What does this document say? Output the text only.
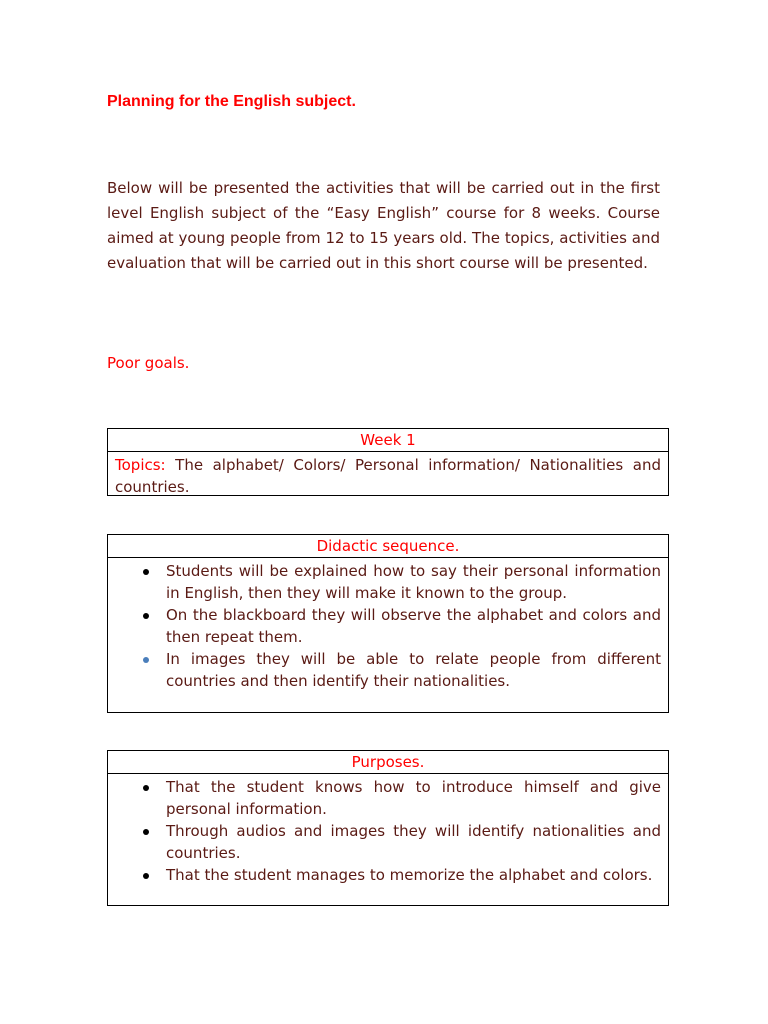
Planning for the English subject.

Below will be presented the activities that will be carried out in the first level English subject of the “Easy English” course for 8 weeks. Course aimed at young people from 12 to 15 years old. The topics, activities and evaluation that will be carried out in this short course will be presented.

Poor goals.

Week 1
Topics: The alphabet/ Colors/ Personal information/ Nationalities and countries.
Didactic sequence.
Students will be explained how to say their personal information in English, then they will make it known to the group.
On the blackboard they will observe the alphabet and colors and then repeat them.
In images they will be able to relate people from different countries and then identify their nationalities.
Purposes.
That the student knows how to introduce himself and give personal information.
Through audios and images they will identify nationalities and countries.
That the student manages to memorize the alphabet and colors.
